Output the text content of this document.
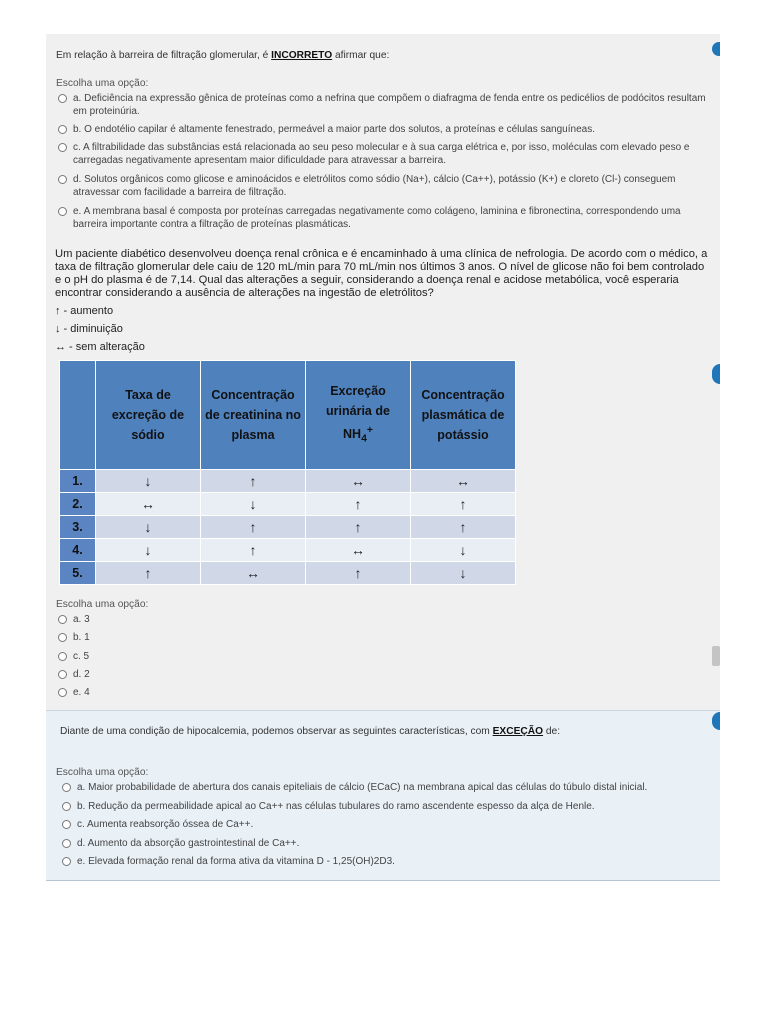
Em relação à barreira de filtração glomerular, é INCORRETO afirmar que:
Escolha uma opção:
a. Deficiência na expressão gênica de proteínas como a nefrina que compõem o diafragma de fenda entre os pedicélios de podócitos resultam em proteinúria.
b. O endotélio capilar é altamente fenestrado, permeável a maior parte dos solutos, a proteínas e células sanguíneas.
c. A filtrabilidade das substâncias está relacionada ao seu peso molecular e à sua carga elétrica e, por isso, moléculas com elevado peso e carregadas negativamente apresentam maior dificuldade para atravessar a barreira.
d. Solutos orgânicos como glicose e aminoácidos e eletrólitos como sódio (Na+), cálcio (Ca++), potássio (K+) e cloreto (Cl-) conseguem atravessar com facilidade a barreira de filtração.
e. A membrana basal é composta por proteínas carregadas negativamente como colágeno, laminina e fibronectina, correspondendo uma barreira importante contra a filtração de proteínas plasmáticas.
Um paciente diabético desenvolveu doença renal crônica e é encaminhado à uma clínica de nefrologia. De acordo com o médico, a taxa de filtração glomerular dele caiu de 120 mL/min para 70 mL/min nos últimos 3 anos. O nível de glicose não foi bem controlado e o pH do plasma é de 7,14. Qual das alterações a seguir, considerando a doença renal e acidose metabólica, você esperaria encontrar considerando a ausência de alterações na ingestão de eletrólitos?
↑ - aumento
↓ - diminuição
↔ - sem alteração
	Taxa de excreção de sódio	Concentração de creatinina no plasma	Excreção urinária de $NH_4^+$	Concentração plasmática de potássio
1.	↓	↑	↔	↔
2.	↔	↓	↑	↑
3.	↓	↑	↑	↑
4.	↓	↑	↔	↓
5.	↑	↔	↑	↓
Escolha uma opção:
a. 3
b. 1
c. 5
d. 2
e. 4
Diante de uma condição de hipocalcemia, podemos observar as seguintes características, com EXCEÇÃO de:
Escolha uma opção:
a. Maior probabilidade de abertura dos canais epiteliais de cálcio (ECaC) na membrana apical das células do túbulo distal inicial.
b. Redução da permeabilidade apical ao Ca++ nas células tubulares do ramo ascendente espesso da alça de Henle.
c. Aumenta reabsorção óssea de Ca++.
d. Aumento da absorção gastrointestinal de Ca++.
e. Elevada formação renal da forma ativa da vitamina D - 1,25(OH)2D3.
